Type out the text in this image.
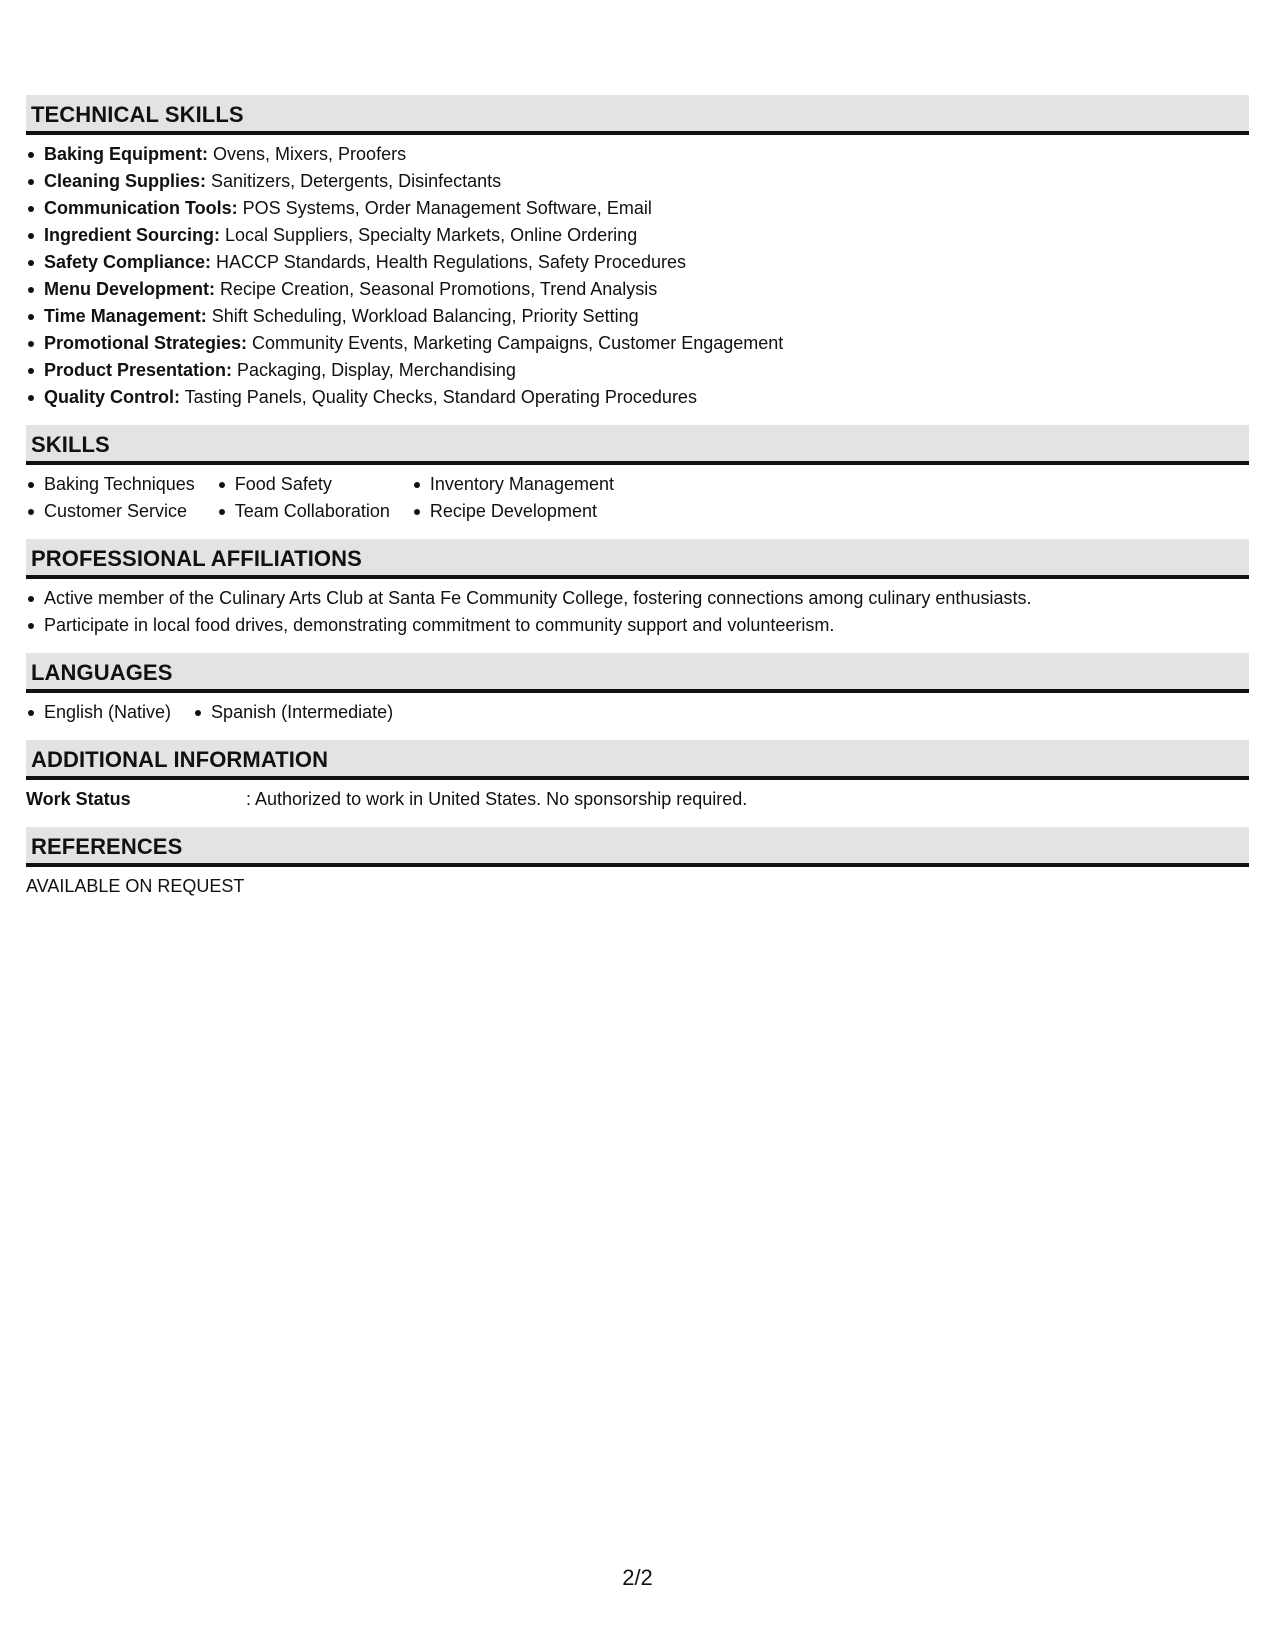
TECHNICAL SKILLS
Baking Equipment: Ovens, Mixers, Proofers
Cleaning Supplies: Sanitizers, Detergents, Disinfectants
Communication Tools: POS Systems, Order Management Software, Email
Ingredient Sourcing: Local Suppliers, Specialty Markets, Online Ordering
Safety Compliance: HACCP Standards, Health Regulations, Safety Procedures
Menu Development: Recipe Creation, Seasonal Promotions, Trend Analysis
Time Management: Shift Scheduling, Workload Balancing, Priority Setting
Promotional Strategies: Community Events, Marketing Campaigns, Customer Engagement
Product Presentation: Packaging, Display, Merchandising
Quality Control: Tasting Panels, Quality Checks, Standard Operating Procedures
SKILLS
Baking Techniques
Customer Service
Food Safety
Team Collaboration
Inventory Management
Recipe Development
PROFESSIONAL AFFILIATIONS
Active member of the Culinary Arts Club at Santa Fe Community College, fostering connections among culinary enthusiasts.
Participate in local food drives, demonstrating commitment to community support and volunteerism.
LANGUAGES
English (Native)	Spanish (Intermediate)
ADDITIONAL INFORMATION
Work Status	: Authorized to work in United States. No sponsorship required.
REFERENCES
AVAILABLE ON REQUEST
2/2
